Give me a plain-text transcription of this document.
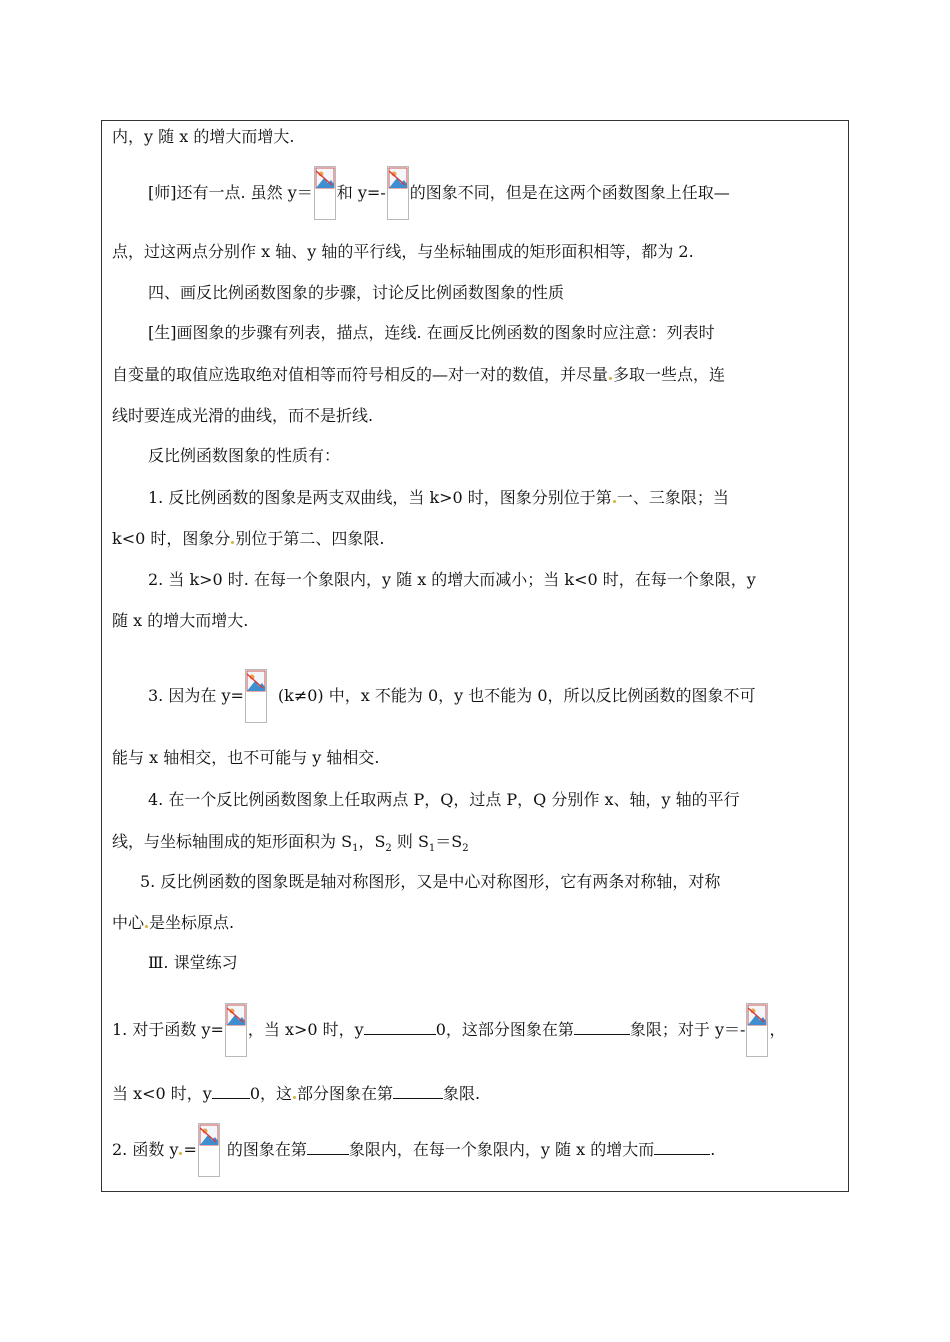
内，y 随 x 的增大而增大.
[师]还有一点. 虽然 y＝ 和 y=- 的图象不同，但是在这两个函数图象上任取—
点，过这两点分别作 x 轴、y 轴的平行线，与坐标轴围成的矩形面积相等，都为 2.
四、画反比例函数图象的步骤，讨论反比例函数图象的性质
[生]画图象的步骤有列表，描点，连线. 在画反比例函数的图象时应注意：列表时
自变量的取值应选取绝对值相等而符号相反的—对一对的数值，并尽量 多取一些点，连
线时要连成光滑的曲线，而不是折线.
反比例函数图象的性质有：
1. 反比例函数的图象是两支双曲线，当 k>0 时，图象分别位于第 一、三象限；当
k<0 时，图象分 别位于第二、四象限.
2. 当 k>0 时. 在每一个象限内，y 随 x 的增大而减小；当 k<0 时，在每一个象限，y
随 x 的增大而增大.
3. 因为在 y= (k≠0) 中，x 不能为 0，y 也不能为 0，所以反比例函数的图象不可
能与 x 轴相交，也不可能与 y 轴相交.
4. 在一个反比例函数图象上任取两点 P，Q，过点 P，Q 分别作 x、轴，y 轴的平行
线，与坐标轴围成的矩形面积为 $S_1$，$S_2$ 则 $S_1=S_2$
5. 反比例函数的图象既是轴对称图形，又是中心对称图形，它有两条对称轴，对称
中心 是坐标原点.
Ⅲ. 课堂练习
1. 对于函数 y= ，当 x>0 时，y	0，这部分图象在第	象限；对于 y＝- ，
当 x<0 时，y 0，这 部分图象在第	象限.
2. 函数 y = 的图象在第	象限内，在每一个象限内，y 随 x 的增大而	.
